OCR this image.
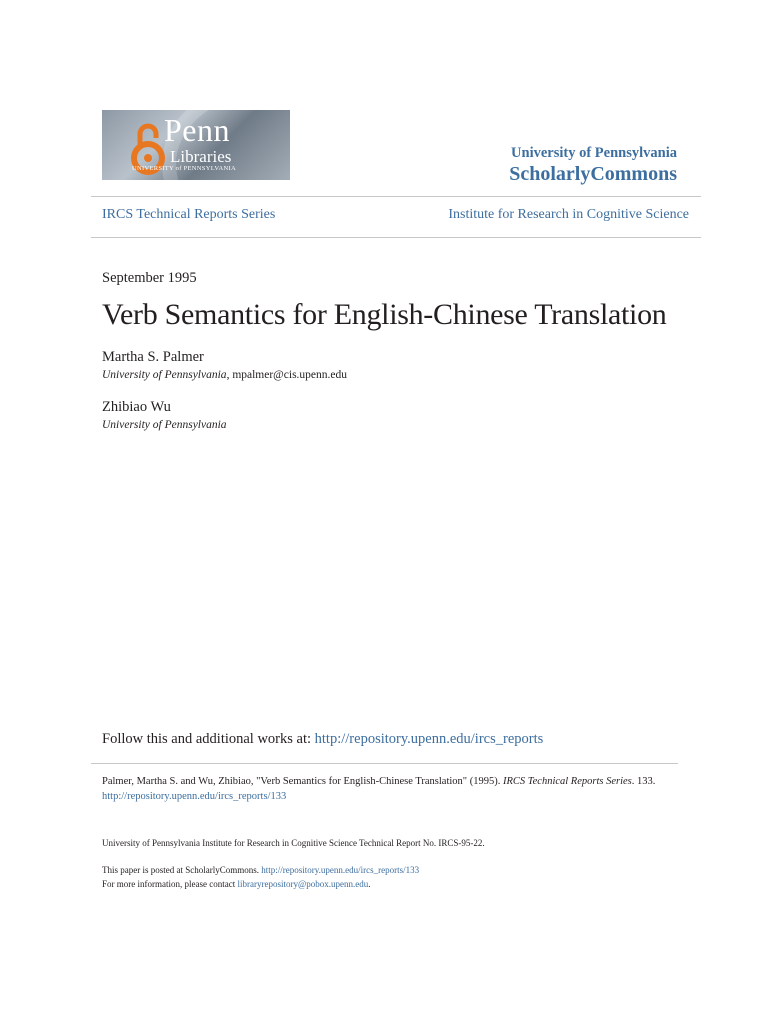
Penn
Libraries
UNIVERSITY of PENNSYLVANIA
University of Pennsylvania
ScholarlyCommons
IRCS Technical Reports Series	Institute for Research in Cognitive Science
September 1995
Verb Semantics for English-Chinese Translation
Martha S. Palmer
University of Pennsylvania, mpalmer@cis.upenn.edu
Zhibiao Wu
University of Pennsylvania
Follow this and additional works at: http://repository.upenn.edu/ircs_reports
Palmer, Martha S. and Wu, Zhibiao, "Verb Semantics for English-Chinese Translation" (1995). IRCS Technical Reports Series. 133.
http://repository.upenn.edu/ircs_reports/133
University of Pennsylvania Institute for Research in Cognitive Science Technical Report No. IRCS-95-22.
This paper is posted at ScholarlyCommons. http://repository.upenn.edu/ircs_reports/133
For more information, please contact libraryrepository@pobox.upenn.edu.
